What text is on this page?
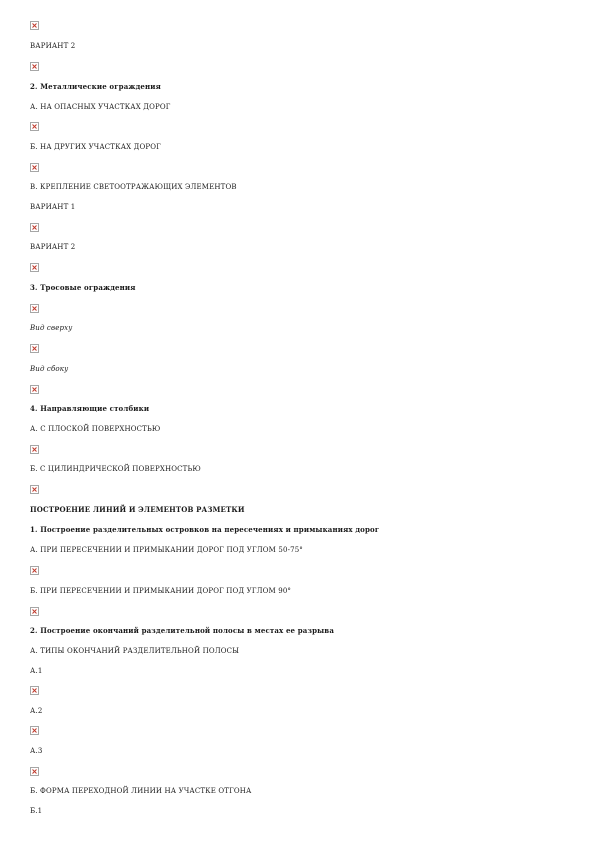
ВАРИАНТ 2
2. Металлические ограждения
А. НА ОПАСНЫХ УЧАСТКАХ ДОРОГ
Б. НА ДРУГИХ УЧАСТКАХ ДОРОГ
В. КРЕПЛЕНИЕ СВЕТООТРАЖАЮЩИХ ЭЛЕМЕНТОВ
ВАРИАНТ 1
ВАРИАНТ 2
3. Тросовые ограждения
Вид сверху
Вид сбоку
4. Направляющие столбики
А. С ПЛОСКОЙ ПОВЕРХНОСТЬЮ
Б. С ЦИЛИНДРИЧЕСКОЙ ПОВЕРХНОСТЬЮ
ПОСТРОЕНИЕ ЛИНИЙ И ЭЛЕМЕНТОВ РАЗМЕТКИ
1. Построение разделительных островков на пересечениях и примыканиях дорог
А. ПРИ ПЕРЕСЕЧЕНИИ И ПРИМЫКАНИИ ДОРОГ ПОД УГЛОМ 50-75°
Б. ПРИ ПЕРЕСЕЧЕНИИ И ПРИМЫКАНИИ ДОРОГ ПОД УГЛОМ 90°
2. Построение окончаний разделительной полосы в местах ее разрыва
А. ТИПЫ ОКОНЧАНИЙ РАЗДЕЛИТЕЛЬНОЙ ПОЛОСЫ
А.1
А.2
А.3
Б. ФОРМА ПЕРЕХОДНОЙ ЛИНИИ НА УЧАСТКЕ ОТГОНА
Б.1
